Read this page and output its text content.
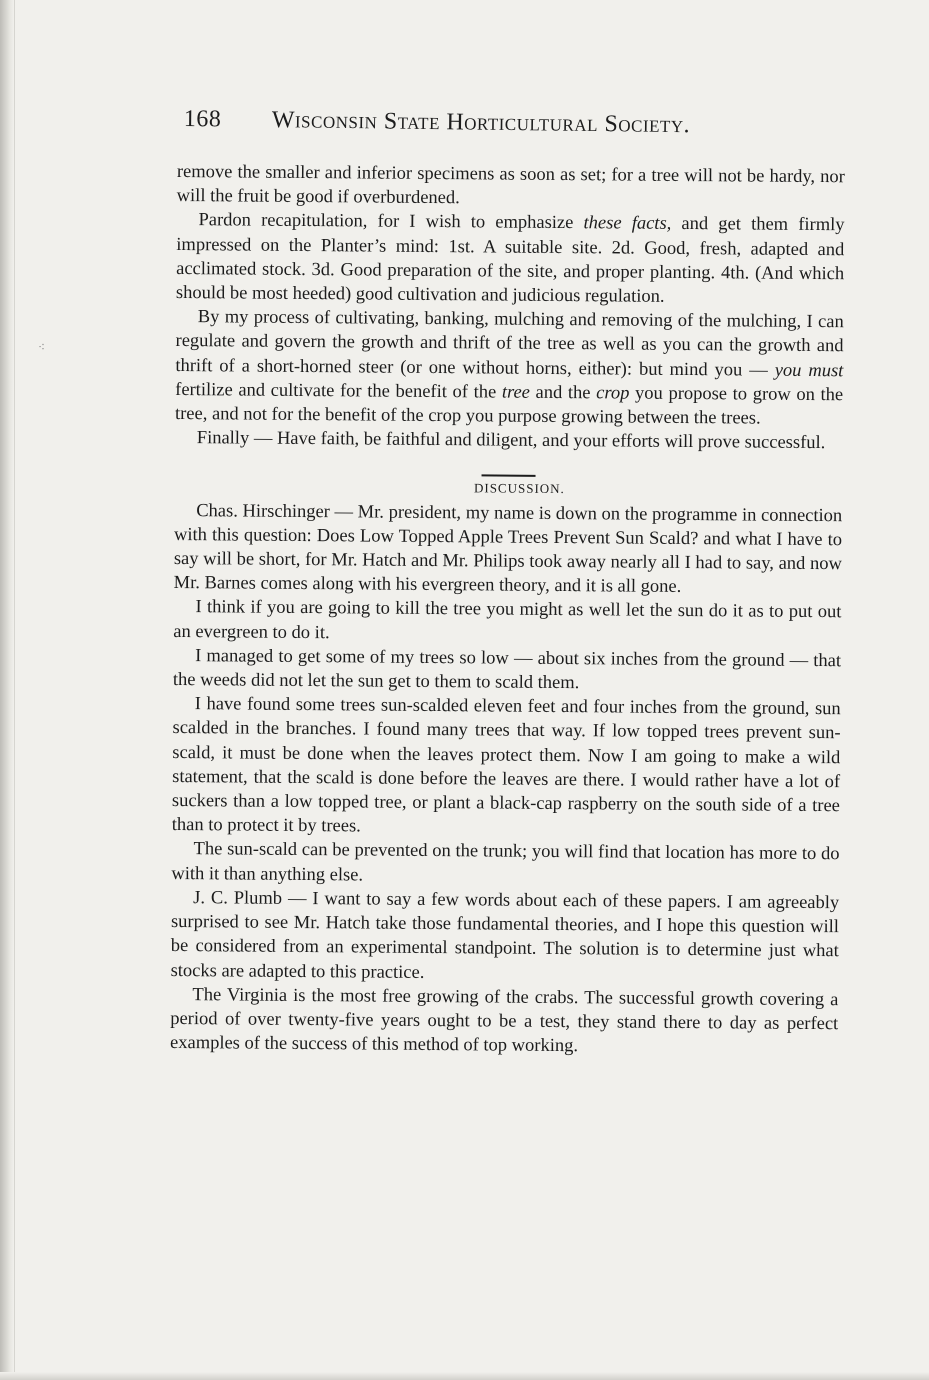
⁖
168 Wisconsin State Horticultural Society.

remove the smaller and inferior specimens as soon as set; for a tree will not be hardy, nor will the fruit be good if overburdened.

Pardon recapitulation, for I wish to emphasize these facts, and get them firmly impressed on the Planter’s mind: 1st. A suitable site. 2d. Good, fresh, adapted and acclimated stock. 3d. Good preparation of the site, and proper planting. 4th. (And which should be most heeded) good cultivation and judicious regulation.

By my process of cultivating, banking, mulching and removing of the mulching, I can regulate and govern the growth and thrift of the tree as well as you can the growth and thrift of a short-horned steer (or one without horns, either): but mind you — you must fertilize and cultivate for the benefit of the tree and the crop you propose to grow on the tree, and not for the benefit of the crop you purpose growing between the trees.

Finally — Have faith, be faithful and diligent, and your efforts will prove successful.

DISCUSSION.

Chas. Hirschinger — Mr. president, my name is down on the programme in connection with this question: Does Low Topped Apple Trees Prevent Sun Scald? and what I have to say will be short, for Mr. Hatch and Mr. Philips took away nearly all I had to say, and now Mr. Barnes comes along with his evergreen theory, and it is all gone.

I think if you are going to kill the tree you might as well let the sun do it as to put out an evergreen to do it.

I managed to get some of my trees so low — about six inches from the ground — that the weeds did not let the sun get to them to scald them.

I have found some trees sun-scalded eleven feet and four inches from the ground, sun scalded in the branches. I found many trees that way. If low topped trees prevent sun-scald, it must be done when the leaves protect them. Now I am going to make a wild statement, that the scald is done before the leaves are there. I would rather have a lot of suckers than a low topped tree, or plant a black-cap raspberry on the south side of a tree than to protect it by trees.

The sun-scald can be prevented on the trunk; you will find that location has more to do with it than anything else.

J. C. Plumb — I want to say a few words about each of these papers. I am agreeably surprised to see Mr. Hatch take those fundamental theories, and I hope this question will be considered from an experimental standpoint. The solution is to determine just what stocks are adapted to this practice.

The Virginia is the most free growing of the crabs. The successful growth covering a period of over twenty-five years ought to be a test, they stand there to day as perfect examples of the success of this method of top working.
